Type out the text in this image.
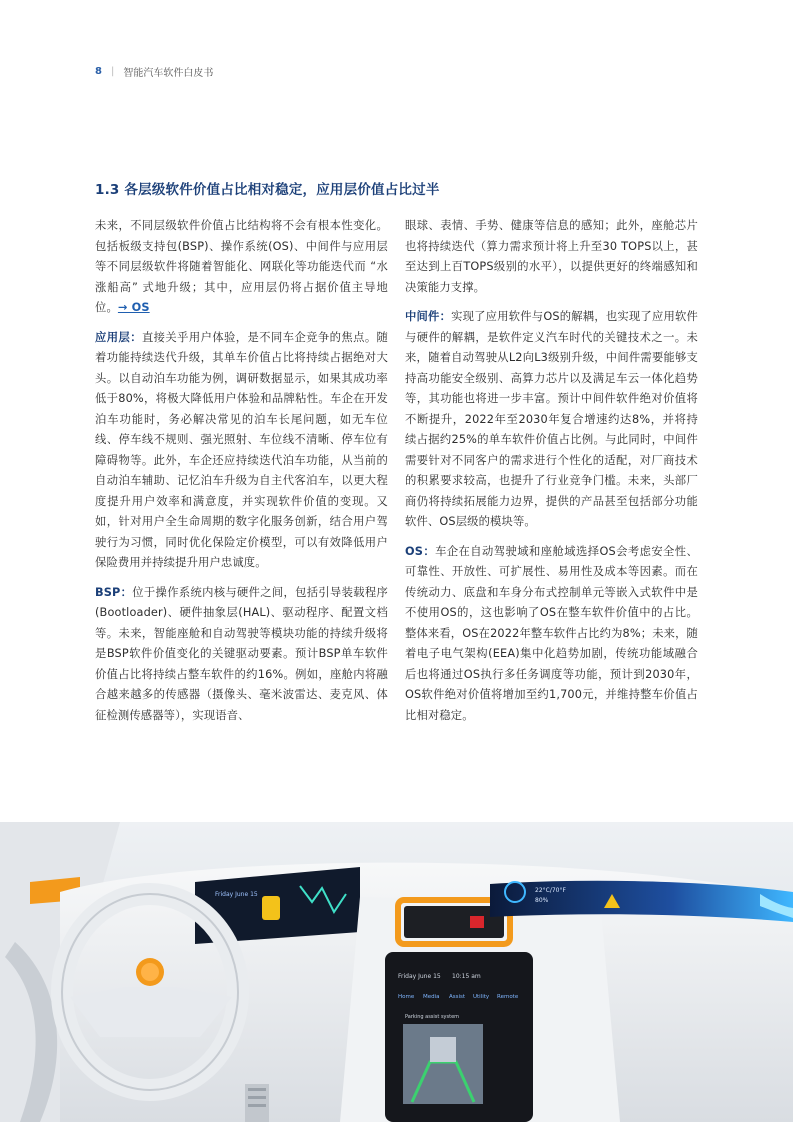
8 | 智能汽车软件白皮书
1.3 各层级软件价值占比相对稳定，应用层价值占比过半

未来，不同层级软件价值占比结构将不会有根本性变化。包括板级支持包(BSP)、操作系统(OS)、中间件与应用层等不同层级软件将随着智能化、网联化等功能迭代而 “水涨船高” 式地升级；其中，应用层仍将占据价值主导地位。→ OS

应用层：直接关乎用户体验，是不同车企竞争的焦点。随着功能持续迭代升级，其单车价值占比将持续占据绝对大头。以自动泊车功能为例，调研数据显示，如果其成功率低于80%，将极大降低用户体验和品牌粘性。车企在开发泊车功能时，务必解决常见的泊车长尾问题，如无车位线、停车线不规则、强光照射、车位线不清晰、停车位有障碍物等。此外，车企还应持续迭代泊车功能，从当前的自动泊车辅助、记忆泊车升级为自主代客泊车，以更大程度提升用户效率和满意度，并实现软件价值的变现。又如，针对用户全生命周期的数字化服务创新，结合用户驾驶行为习惯，同时优化保险定价模型，可以有效降低用户保险费用并持续提升用户忠诚度。

BSP：位于操作系统内核与硬件之间，包括引导装载程序(Bootloader)、硬件抽象层(HAL)、驱动程序、配置文档等。未来，智能座舱和自动驾驶等模块功能的持续升级将是BSP软件价值变化的关键驱动要素。预计BSP单车软件价值占比将持续占整车软件的约16%。例如，座舱内将融合越来越多的传感器（摄像头、毫米波雷达、麦克风、体征检测传感器等），实现语音、

眼球、表情、手势、健康等信息的感知；此外，座舱芯片也将持续迭代（算力需求预计将上升至30 TOPS以上，甚至达到上百TOPS级别的水平），以提供更好的终端感知和决策能力支撑。

中间件：实现了应用软件与OS的解耦，也实现了应用软件与硬件的解耦，是软件定义汽车时代的关键技术之一。未来，随着自动驾驶从L2向L3级别升级，中间件需要能够支持高功能安全级别、高算力芯片以及满足车云一体化趋势等，其功能也将进一步丰富。预计中间件软件绝对价值将不断提升，2022年至2030年复合增速约达8%，并将持续占据约25%的单车软件价值占比例。与此同时，中间件需要针对不同客户的需求进行个性化的适配，对厂商技术的积累要求较高，也提升了行业竞争门槛。未来，头部厂商仍将持续拓展能力边界，提供的产品甚至包括部分功能软件、OS层级的模块等。

OS：车企在自动驾驶域和座舱域选择OS会考虑安全性、可靠性、开放性、可扩展性、易用性及成本等因素。而在传统动力、底盘和车身分布式控制单元等嵌入式软件中是不使用OS的，这也影响了OS在整车软件价值中的占比。整体来看，OS在2022年整车软件占比约为8%；未来，随着电子电气架构(EEA)集中化趋势加剧，传统功能域融合后也将通过OS执行多任务调度等功能，预计到2030年，OS软件绝对价值将增加至约1,700元，并维持整车价值占比相对稳定。

Friday June 15
Friday June 15 10:15 am
Home Media Assist Utility Remote
Parking assist system
22°C/70°F
80%
